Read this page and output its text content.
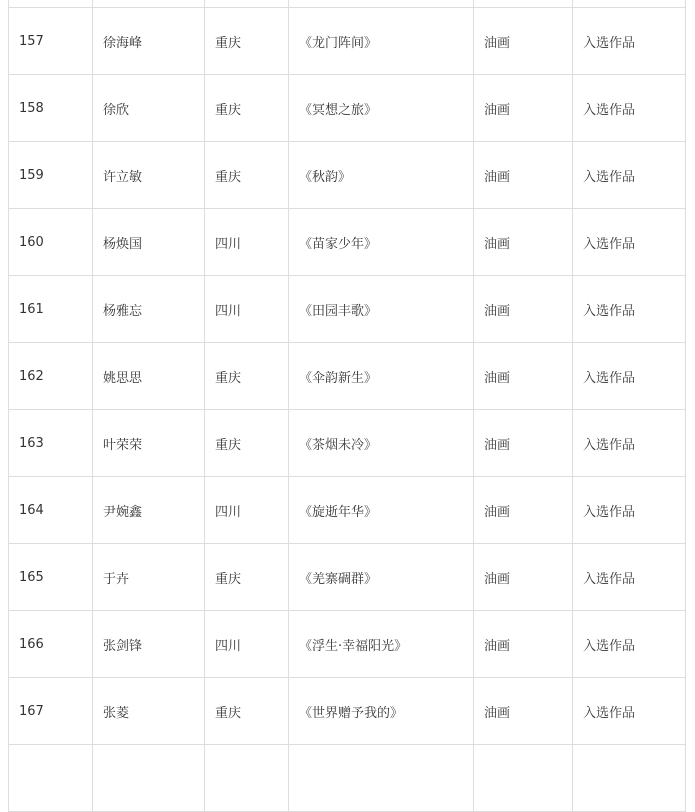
157	徐海峰	重庆	《龙门阵间》	油画	入选作品
158	徐欣	重庆	《冥想之旅》	油画	入选作品
159	许立敏	重庆	《秋韵》	油画	入选作品
160	杨焕国	四川	《苗家少年》	油画	入选作品
161	杨雅忘	四川	《田园丰歌》	油画	入选作品
162	姚思思	重庆	《伞韵新生》	油画	入选作品
163	叶荣荣	重庆	《茶烟未冷》	油画	入选作品
164	尹婉鑫	四川	《旋逝年华》	油画	入选作品
165	于卉	重庆	《羌寨碉群》	油画	入选作品
166	张剑锋	四川	《浮生·幸福阳光》	油画	入选作品
167	张菱	重庆	《世界赠予我的》	油画	入选作品
